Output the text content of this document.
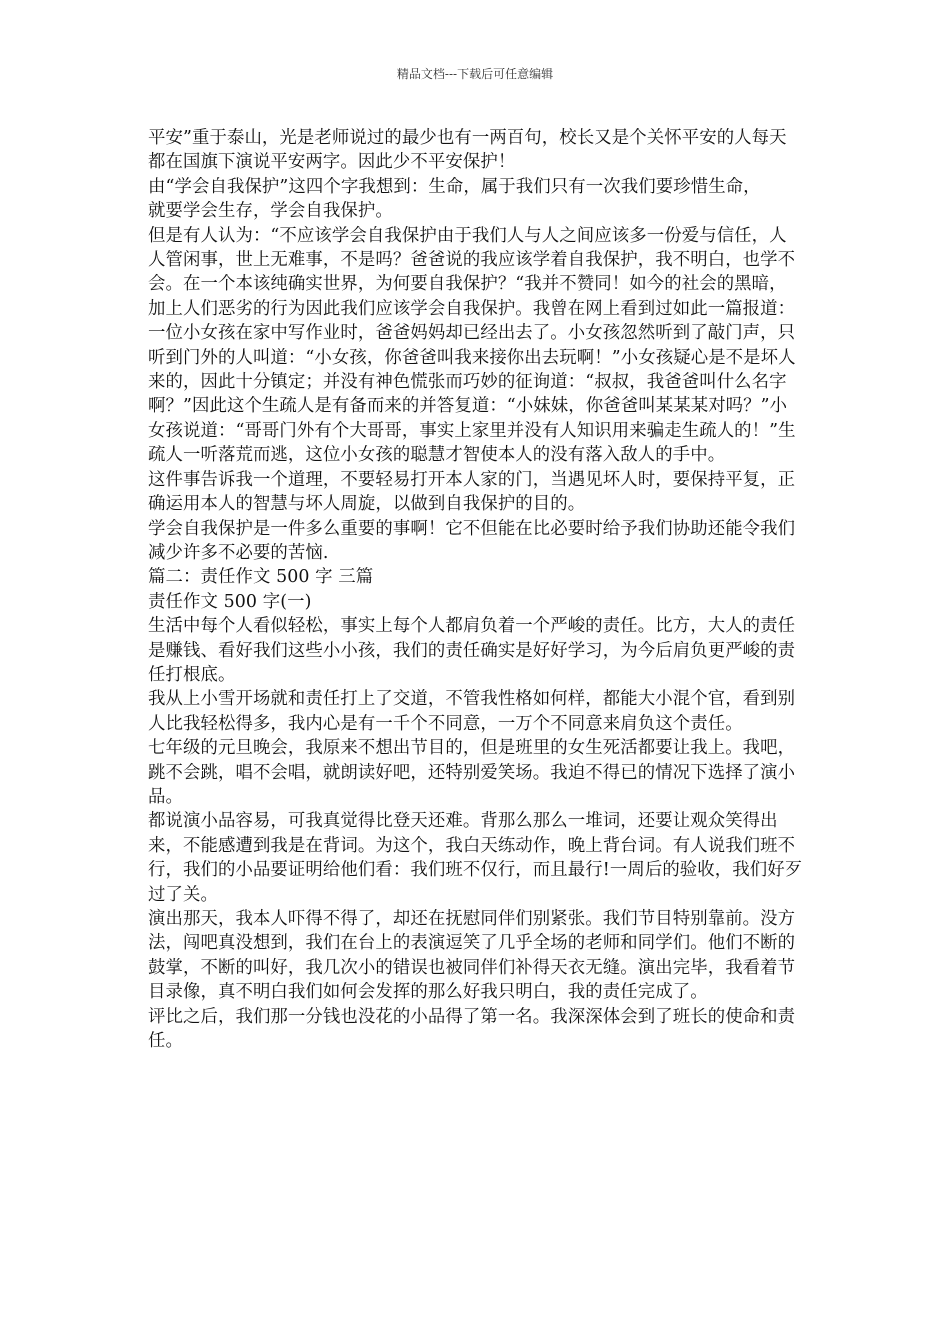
精品文档---下载后可任意编辑

平安”重于泰山，光是老师说过的最少也有一两百句，校长又是个关怀平安的人每天都在国旗下演说平安两字。因此少不平安保护！

由“学会自我保护”这四个字我想到：生命，属于我们只有一次我们要珍惜生命，

就要学会生存，学会自我保护。

但是有人认为：“不应该学会自我保护由于我们人与人之间应该多一份爱与信任，人人管闲事，世上无难事，不是吗？爸爸说的我应该学着自我保护，我不明白，也学不会。在一个本该纯确实世界，为何要自我保护？“我并不赞同！如今的社会的黑暗，加上人们恶劣的行为因此我们应该学会自我保护。我曾在网上看到过如此一篇报道：一位小女孩在家中写作业时，爸爸妈妈却已经出去了。小女孩忽然听到了敲门声，只听到门外的人叫道：“小女孩，你爸爸叫我来接你出去玩啊！”小女孩疑心是不是坏人来的，因此十分镇定；并没有神色慌张而巧妙的征询道：“叔叔，我爸爸叫什么名字啊？”因此这个生疏人是有备而来的并答复道：“小妹妹，你爸爸叫某某某对吗？”小女孩说道：“哥哥门外有个大哥哥，事实上家里并没有人知识用来骗走生疏人的！”生疏人一听落荒而逃，这位小女孩的聪慧才智使本人的没有落入敌人的手中。

这件事告诉我一个道理，不要轻易打开本人家的门，当遇见坏人时，要保持平复，正确运用本人的智慧与坏人周旋，以做到自我保护的目的。

学会自我保护是一件多么重要的事啊！它不但能在比必要时给予我们协助还能令我们减少许多不必要的苦恼.

篇二：责任作文 500 字 三篇

责任作文 500 字(一)

生活中每个人看似轻松，事实上每个人都肩负着一个严峻的责任。比方，大人的责任是赚钱、看好我们这些小小孩，我们的责任确实是好好学习，为今后肩负更严峻的责任打根底。

我从上小雪开场就和责任打上了交道，不管我性格如何样，都能大小混个官，看到别人比我轻松得多，我内心是有一千个不同意，一万个不同意来肩负这个责任。

七年级的元旦晚会，我原来不想出节目的，但是班里的女生死活都要让我上。我吧，跳不会跳，唱不会唱，就朗读好吧，还特别爱笑场。我迫不得已的情况下选择了演小品。

都说演小品容易，可我真觉得比登天还难。背那么那么一堆词，还要让观众笑得出来，不能感遭到我是在背词。为这个，我白天练动作，晚上背台词。有人说我们班不行，我们的小品要证明给他们看：我们班不仅行，而且最行!一周后的验收，我们好歹过了关。

演出那天，我本人吓得不得了，却还在抚慰同伴们别紧张。我们节目特别靠前。没方法，闯吧真没想到，我们在台上的表演逗笑了几乎全场的老师和同学们。他们不断的鼓掌，不断的叫好，我几次小的错误也被同伴们补得天衣无缝。演出完毕，我看着节目录像，真不明白我们如何会发挥的那么好我只明白，我的责任完成了。

评比之后，我们那一分钱也没花的小品得了第一名。我深深体会到了班长的使命和责任。
